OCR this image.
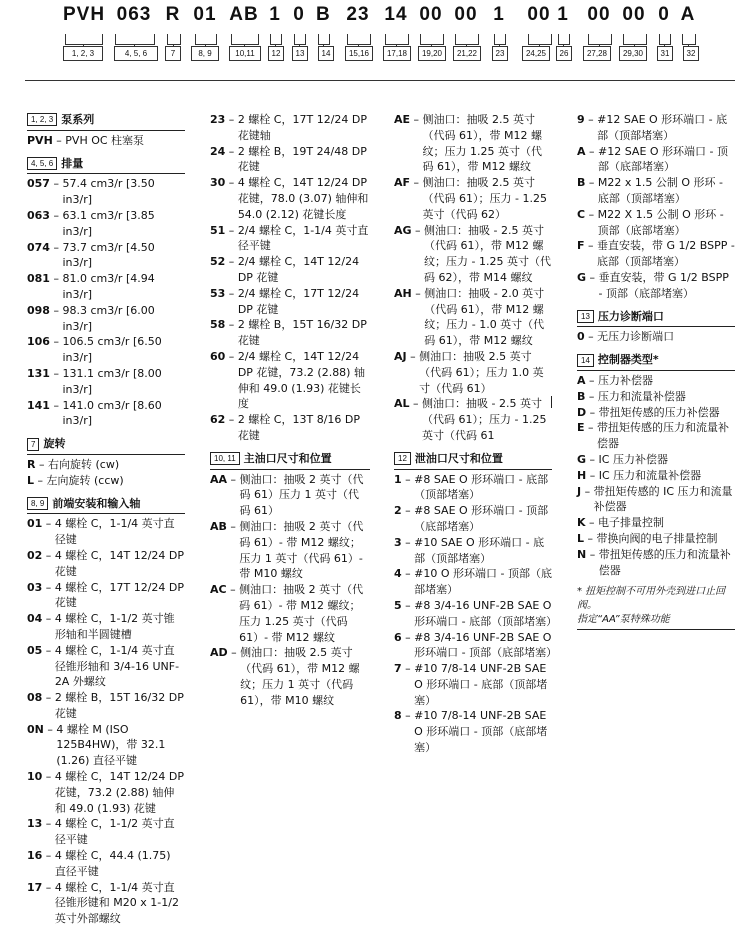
PVH 063 R 01 AB 1 0 B 23 14 00 00 1 00 1 00 00 0 A
1, 2, 3	4, 5, 6	7	8, 9	10,11	12	13	14	15,16	17,18	19,20	21,22	23	24,25	26	27,28	29,30	31	32
1, 2, 3 泵系列
PVH – PVH OC 柱塞泵
4, 5, 6 排量
057 – 57.4 cm3/r [3.50 in3/r]
063 – 63.1 cm3/r [3.85 in3/r]
074 – 73.7 cm3/r [4.50 in3/r]
081 – 81.0 cm3/r [4.94 in3/r]
098 – 98.3 cm3/r [6.00 in3/r]
106 – 106.5 cm3/r [6.50 in3/r]
131 – 131.1 cm3/r [8.00 in3/r]
141 – 141.0 cm3/r [8.60 in3/r]
7 旋转
R – 右向旋转 (cw)
L – 左向旋转 (ccw)
8, 9 前端安装和输入轴
01 – 4 螺栓 C，1-1/4 英寸直径键
02 – 4 螺栓 C，14T 12/24 DP 花键
03 – 4 螺栓 C，17T 12/24 DP 花键
04 – 4 螺栓 C，1-1/2 英寸锥形轴和半圆键槽
05 – 4 螺栓 C，1-1/4 英寸直径锥形轴和 3/4-16 UNF-2A 外螺纹
08 – 2 螺栓 B，15T 16/32 DP 花键
0N – 4 螺栓 M (ISO 125B4HW)，带 32.1 (1.26) 直径平键
10 – 4 螺栓 C，14T 12/24 DP 花键，73.2 (2.88) 轴伸和 49.0 (1.93) 花键
13 – 4 螺栓 C，1-1/2 英寸直径平键
16 – 4 螺栓 C，44.4 (1.75) 直径平键
17 – 4 螺栓 C，1-1/4 英寸直径锥形键和 M20 x 1-1/2 英寸外部螺纹
23 – 2 螺栓 C，17T 12/24 DP 花键轴
24 – 2 螺栓 B，19T 24/48 DP 花键
30 – 4 螺栓 C，14T 12/24 DP 花键，78.0 (3.07) 轴伸和 54.0 (2.12) 花键长度
51 – 2/4 螺栓 C，1-1/4 英寸直径平键
52 – 2/4 螺栓 C，14T 12/24 DP 花键
53 – 2/4 螺栓 C，17T 12/24 DP 花键
58 – 2 螺栓 B，15T 16/32 DP 花键
60 – 2/4 螺栓 C，14T 12/24 DP 花键，73.2 (2.88) 轴伸和 49.0 (1.93) 花键长度
62 – 2 螺栓 C，13T 8/16 DP 花键
10, 11 主油口尺寸和位置
AA – 侧油口：抽吸 2 英寸（代码 61）压力 1 英寸（代码 61）
AB – 侧油口：抽吸 2 英寸（代码 61）- 带 M12 螺纹；压力 1 英寸（代码 61）- 带 M10 螺纹
AC – 侧油口：抽吸 2 英寸（代码 61）- 带 M12 螺纹；压力 1.25 英寸（代码 61）- 带 M12 螺纹
AD – 侧油口：抽吸 2.5 英寸（代码 61），带 M12 螺纹；压力 1 英寸（代码 61），带 M10 螺纹
AE – 侧油口：抽吸 2.5 英寸（代码 61），带 M12 螺纹；压力 1.25 英寸（代码 61），带 M12 螺纹
AF – 侧油口：抽吸 2.5 英寸（代码 61）；压力 - 1.25 英寸（代码 62）
AG – 侧油口：抽吸 - 2.5 英寸（代码 61），带 M12 螺纹；压力 - 1.25 英寸（代码 62），带 M14 螺纹
AH – 侧油口：抽吸 - 2.0 英寸（代码 61），带 M12 螺纹；压力 - 1.0 英寸（代码 61），带 M12 螺纹
AJ – 侧油口：抽吸 2.5 英寸（代码 61）；压力 1.0 英寸（代码 61）
AL – 侧油口：抽吸 - 2.5 英寸（代码 61）；压力 - 1.25 英寸（代码 61
12 泄油口尺寸和位置
1 – #8 SAE O 形环端口 - 底部（顶部堵塞）
2 – #8 SAE O 形环端口 - 顶部（底部堵塞）
3 – #10 SAE O 形环端口 - 底部（顶部堵塞）
4 – #10 O 形环端口 - 顶部（底部堵塞）
5 – #8 3/4-16 UNF-2B SAE O 形环端口 - 底部（顶部堵塞）
6 – #8 3/4-16 UNF-2B SAE O 形环端口 - 顶部（底部堵塞）
7 – #10 7/8-14 UNF-2B SAE O 形环端口 - 底部（顶部堵塞）
8 – #10 7/8-14 UNF-2B SAE O 形环端口 - 顶部（底部堵塞）
9 – #12 SAE O 形环端口 - 底部（顶部堵塞）
A – #12 SAE O 形环端口 - 顶部（底部堵塞）
B – M22 x 1.5 公制 O 形环 - 底部（顶部堵塞）
C – M22 X 1.5 公制 O 形环 - 顶部（底部堵塞）
F – 垂直安装，带 G 1/2 BSPP - 底部（顶部堵塞）
G – 垂直安装，带 G 1/2 BSPP - 顶部（底部堵塞）
13 压力诊断端口
0 – 无压力诊断端口
14 控制器类型*
A – 压力补偿器
B – 压力和流量补偿器
D – 带扭矩传感的压力补偿器
E – 带扭矩传感的压力和流量补偿器
G – IC 压力补偿器
H – IC 压力和流量补偿器
J – 带扭矩传感的 IC 压力和流量补偿器
K – 电子排量控制
L – 带换向阀的电子排量控制
N – 带扭矩传感的压力和流量补偿器
* 扭矩控制不可用外壳到进口止回阀。
指定“AA”泵特殊功能
